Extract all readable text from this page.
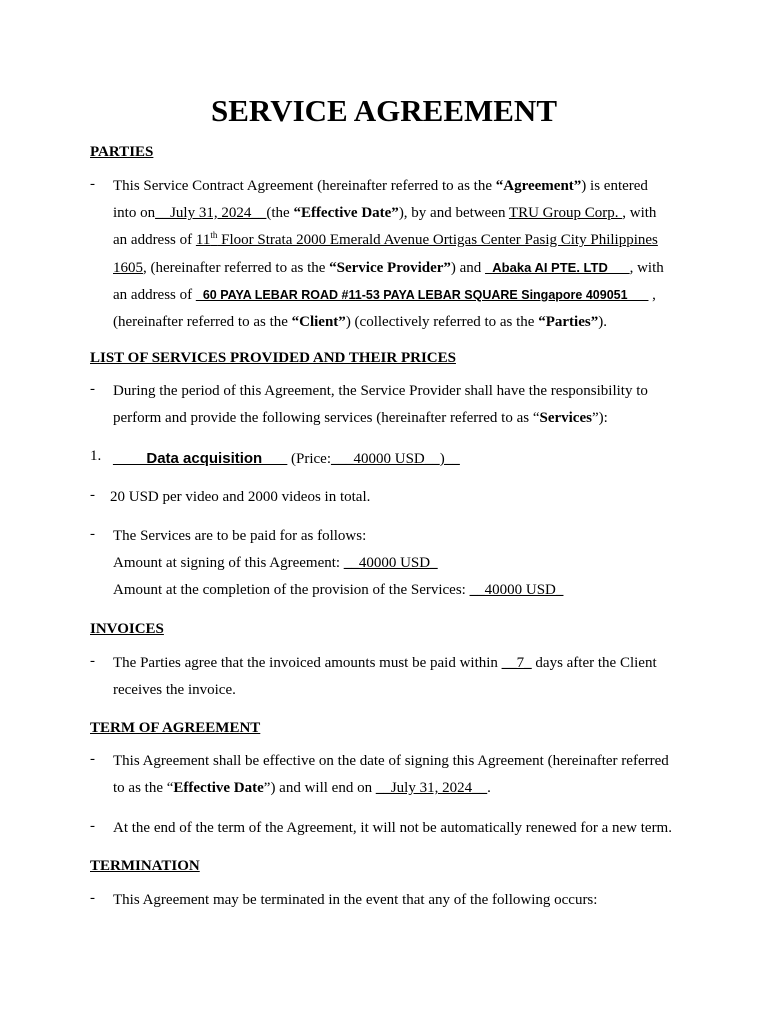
SERVICE AGREEMENT
PARTIES
- This Service Contract Agreement (hereinafter referred to as the “Agreement”) is entered
into on__July 31, 2024__(the “Effective Date”), by and between TRU Group Corp. , with
an address of 11th Floor Strata 2000 Emerald Avenue Ortigas Center Pasig City Philippines
1605, (hereinafter referred to as the “Service Provider”) and _Abaka AI PTE. LTD___, with
an address of _60 PAYA LEBAR ROAD #11-53 PAYA LEBAR SQUARE Singapore 409051___ ,
(hereinafter referred to as the “Client”) (collectively referred to as the “Parties”).
LIST OF SERVICES PROVIDED AND THEIR PRICES
- During the period of this Agreement, the Service Provider shall have the responsibility to
perform and provide the following services (hereinafter referred to as “Services”):
1. ____Data acquisition___ (Price:___40000 USD__)__
- 20 USD per video and 2000 videos in total.
- The Services are to be paid for as follows:
Amount at signing of this Agreement: __40000 USD_
Amount at the completion of the provision of the Services: __40000 USD_
INVOICES
- The Parties agree that the invoiced amounts must be paid within __7_ days after the Client
receives the invoice.
TERM OF AGREEMENT
- This Agreement shall be effective on the date of signing this Agreement (hereinafter referred
to as the “Effective Date”) and will end on __July 31, 2024__.
- At the end of the term of the Agreement, it will not be automatically renewed for a new term.
TERMINATION
- This Agreement may be terminated in the event that any of the following occurs:
